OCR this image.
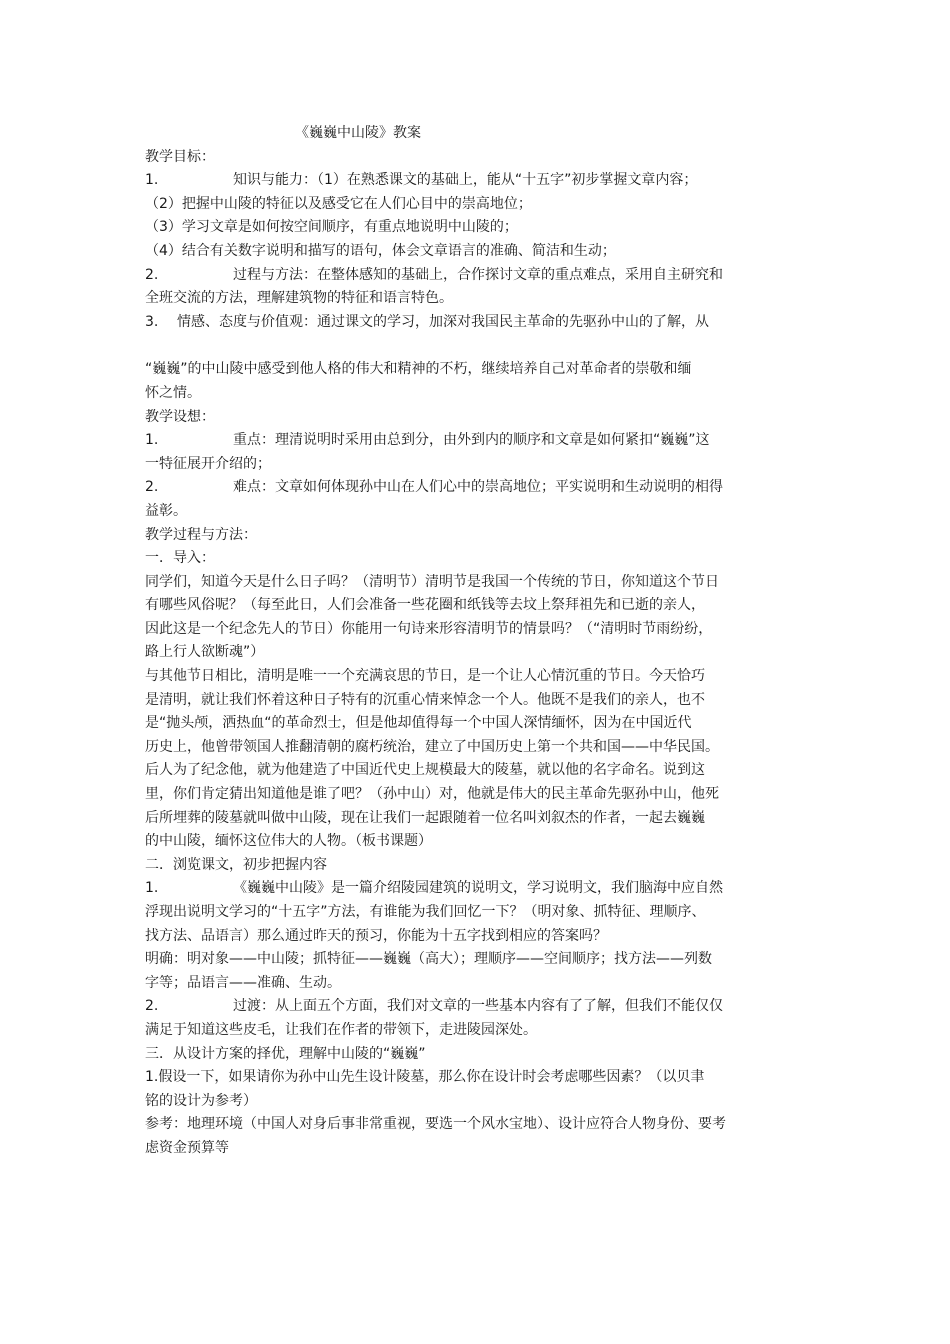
《巍巍中山陵》教案

教学目标：

1.	知识与能力：（1）在熟悉课文的基础上，能从“十五字”初步掌握文章内容；

（2）把握中山陵的特征以及感受它在人们心目中的崇高地位；

（3）学习文章是如何按空间顺序，有重点地说明中山陵的；

（4）结合有关数字说明和描写的语句，体会文章语言的准确、简洁和生动；

2.	过程与方法：在整体感知的基础上，合作探讨文章的重点难点，采用自主研究和

全班交流的方法，理解建筑物的特征和语言特色。

3. 情感、态度与价值观：通过课文的学习，加深对我国民主革命的先驱孙中山的了解，从

“巍巍”的中山陵中感受到他人格的伟大和精神的不朽，继续培养自己对革命者的崇敬和缅

怀之情。

教学设想：

1.	重点：理清说明时采用由总到分，由外到内的顺序和文章是如何紧扣“巍巍”这

一特征展开介绍的；

2.	难点：文章如何体现孙中山在人们心中的崇高地位；平实说明和生动说明的相得

益彰。

教学过程与方法：

一．导入：

同学们，知道今天是什么日子吗？（清明节）清明节是我国一个传统的节日，你知道这个节日

有哪些风俗呢？（每至此日，人们会准备一些花圈和纸钱等去坟上祭拜祖先和已逝的亲人，

因此这是一个纪念先人的节日）你能用一句诗来形容清明节的情景吗？（“清明时节雨纷纷，

路上行人欲断魂”）

与其他节日相比，清明是唯一一个充满哀思的节日，是一个让人心情沉重的节日。今天恰巧

是清明，就让我们怀着这种日子特有的沉重心情来悼念一个人。他既不是我们的亲人，也不

是“抛头颅，洒热血“的革命烈士，但是他却值得每一个中国人深情缅怀，因为在中国近代

历史上，他曾带领国人推翻清朝的腐朽统治，建立了中国历史上第一个共和国——中华民国。

后人为了纪念他，就为他建造了中国近代史上规模最大的陵墓，就以他的名字命名。说到这

里，你们肯定猜出知道他是谁了吧？（孙中山）对，他就是伟大的民主革命先驱孙中山，他死

后所埋葬的陵墓就叫做中山陵，现在让我们一起跟随着一位名叫刘叙杰的作者，一起去巍巍

的中山陵，缅怀这位伟大的人物。（板书课题）

二．浏览课文，初步把握内容

1.	《巍巍中山陵》是一篇介绍陵园建筑的说明文，学习说明文，我们脑海中应自然

浮现出说明文学习的“十五字”方法，有谁能为我们回忆一下？（明对象、抓特征、理顺序、

找方法、品语言）那么通过昨天的预习，你能为十五字找到相应的答案吗？

明确：明对象——中山陵；抓特征——巍巍（高大）；理顺序——空间顺序；找方法——列数

字等；品语言——准确、生动。

2.	过渡：从上面五个方面，我们对文章的一些基本内容有了了解，但我们不能仅仅

满足于知道这些皮毛，让我们在作者的带领下，走进陵园深处。

三．从设计方案的择优，理解中山陵的“巍巍”

1.假设一下，如果请你为孙中山先生设计陵墓，那么你在设计时会考虑哪些因素？（以贝聿

铭的设计为参考）

参考：地理环境（中国人对身后事非常重视，要选一个风水宝地）、设计应符合人物身份、要考

虑资金预算等
